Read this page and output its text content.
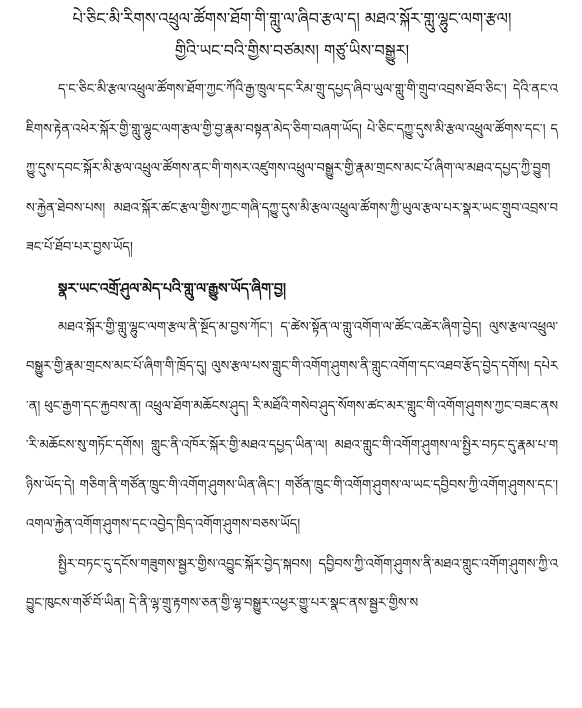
པེ་ཅིང་མི་རིགས་འཕྲུལ་ཚོགས་ཐོག་གི་གླུ་ལ་ཞིབ་རྩལ་ད། མཐའ་སྐོར་གླུ་ལྷུང་ལག་རྩལ།
གྱིའི་ཡང་བའི་གྱིས་བཙམས། གཙུ་ཡིས་བསྒྱུར།

ད་ང་ཅིང་མི་རྩལ་འཕྲུལ་ཚོགས་ཐོག་ཀྱང་ཀོའི་རྒྱ་ཁྲུལ་དང་རིམ་གྲུ་དཔྱད་ཞིབ་ཡུལ་གླུ་གི་གྲུབ་འབྲས་ཐོབ་ཅིང་། དེའི་ནང་འཇིགས་རྟེན་འཕེར་སྐོར་གྱི་གླུ་ལྷུང་ལག་རྩལ་གྱི་བྱ་རྣམ་བསྟན་མེད་ཅིག་བཞག་ཡོད། པེ་ཅིང་དཀྱུ་དུས་མི་རྩལ་འཕྲུལ་ཚོགས་དང་། དཀྱུ་དུས་དབང་སྐོར་མི་རྩལ་འཕྲུལ་ཚོགས་ནང་གི་གསར་འཛུགས་འཕྲུལ་བསྒྱུར་གྱི་རྣམ་གྲངས་མང་པོ་ཞིག་ལ་མཐའ་དཔྱད་ཀྱི་བྱུགས་རྐྱེན་ཐེབས་པས། མཐའ་སྐོར་ཚང་རྩལ་གྱིས་ཀྱང་གཞི་དཀྱུ་དུས་མི་རྩལ་འཕྲུལ་ཚོགས་ཀྱི་ཡུལ་རྩལ་པར་སྣར་ཡང་གྲུབ་འབྲས་བཟང་པོ་ཐོབ་པར་བྱས་ཡོད།

སྣར་ཡང་འགྲོ་ཤུལ་མེད་པའི་གླུ་ལ་རྒྱུས་ཡོད་ཞིག་བྱ།

མཐའ་སྐོར་གྱི་གླུ་ལྷུང་ལག་རྩལ་ནི་སྔོད་མ་བྱས་ཀོང་། ད་ཚེས་སྟོན་ལ་གླུ་འགོག་ལ་ཚོང་འཚེར་ཞིག་བྱེད། ལུས་རྩལ་འཕྲུལ་བསྒྱུར་གྱི་རྣམ་གྲངས་མང་པོ་ཞིག་གི་ཁྲོད་དུ། ལུས་རྩལ་པས་གླུང་གི་འགོག་ཤུགས་ནི་གླུང་འགོག་དང་འཐབ་རྩོད་བྱེད་དགོས། དཔེར་ན། ཕུང་རྒྱག་དང་རྐྱབས་ན། འཕྲུལ་ཐོག་མཆོངས་ཤུད། རི་མཐོའི་གསེབ་ཤུད་སོགས་ཚང་མར་གླུང་གི་འགོག་ཤུགས་ཀྱང་བཟང་ནས་རི་མཆོངས་སུ་གཏོང་དགོས། གླུང་ནི་འཁོར་སྐོར་གྱི་མཐའ་དཔྱད་ཡིན་ལ། མཐའ་གླུང་གི་འགོག་ཤུགས་ལ་སྤྱིར་བཏང་དུ་རྣམ་པ་གཉིས་ཡོད་དེ། གཅིག་ནི་གཙོན་ཁྲུང་གི་འགོག་ཤུགས་ཡིན་ཞིང་། གཙོན་ཁྲུང་གི་འགོག་ཤུགས་ལ་ཡང་དབྱིབས་ཀྱི་འགོག་ཤུགས་དང་། འགལ་རྐྱེན་འགོག་ཤུགས་དང་འབྱེད་ཁྲིད་འགོག་ཤུགས་བཅས་ཡོད།

སྤྱིར་བཏང་དུ་དངོས་གཟུགས་སྦྱར་གྱིས་འབྱུང་སྐོར་བྱེད་སྐབས། དབྱིབས་ཀྱི་འགོག་ཤུགས་ནི་མཐའ་གླུང་འགོག་ཤུགས་ཀྱི་འབྱུང་ཁུངས་གཙོ་བོ་ཡིན། དེ་ནི་ལྷ་གྲུ་རྟགས་ཅན་གྱི་ལྷ་བསྒྱུར་འཕྱར་གྱུ་པར་སྣང་ནས་སྦྱར་གྱིས་ས
